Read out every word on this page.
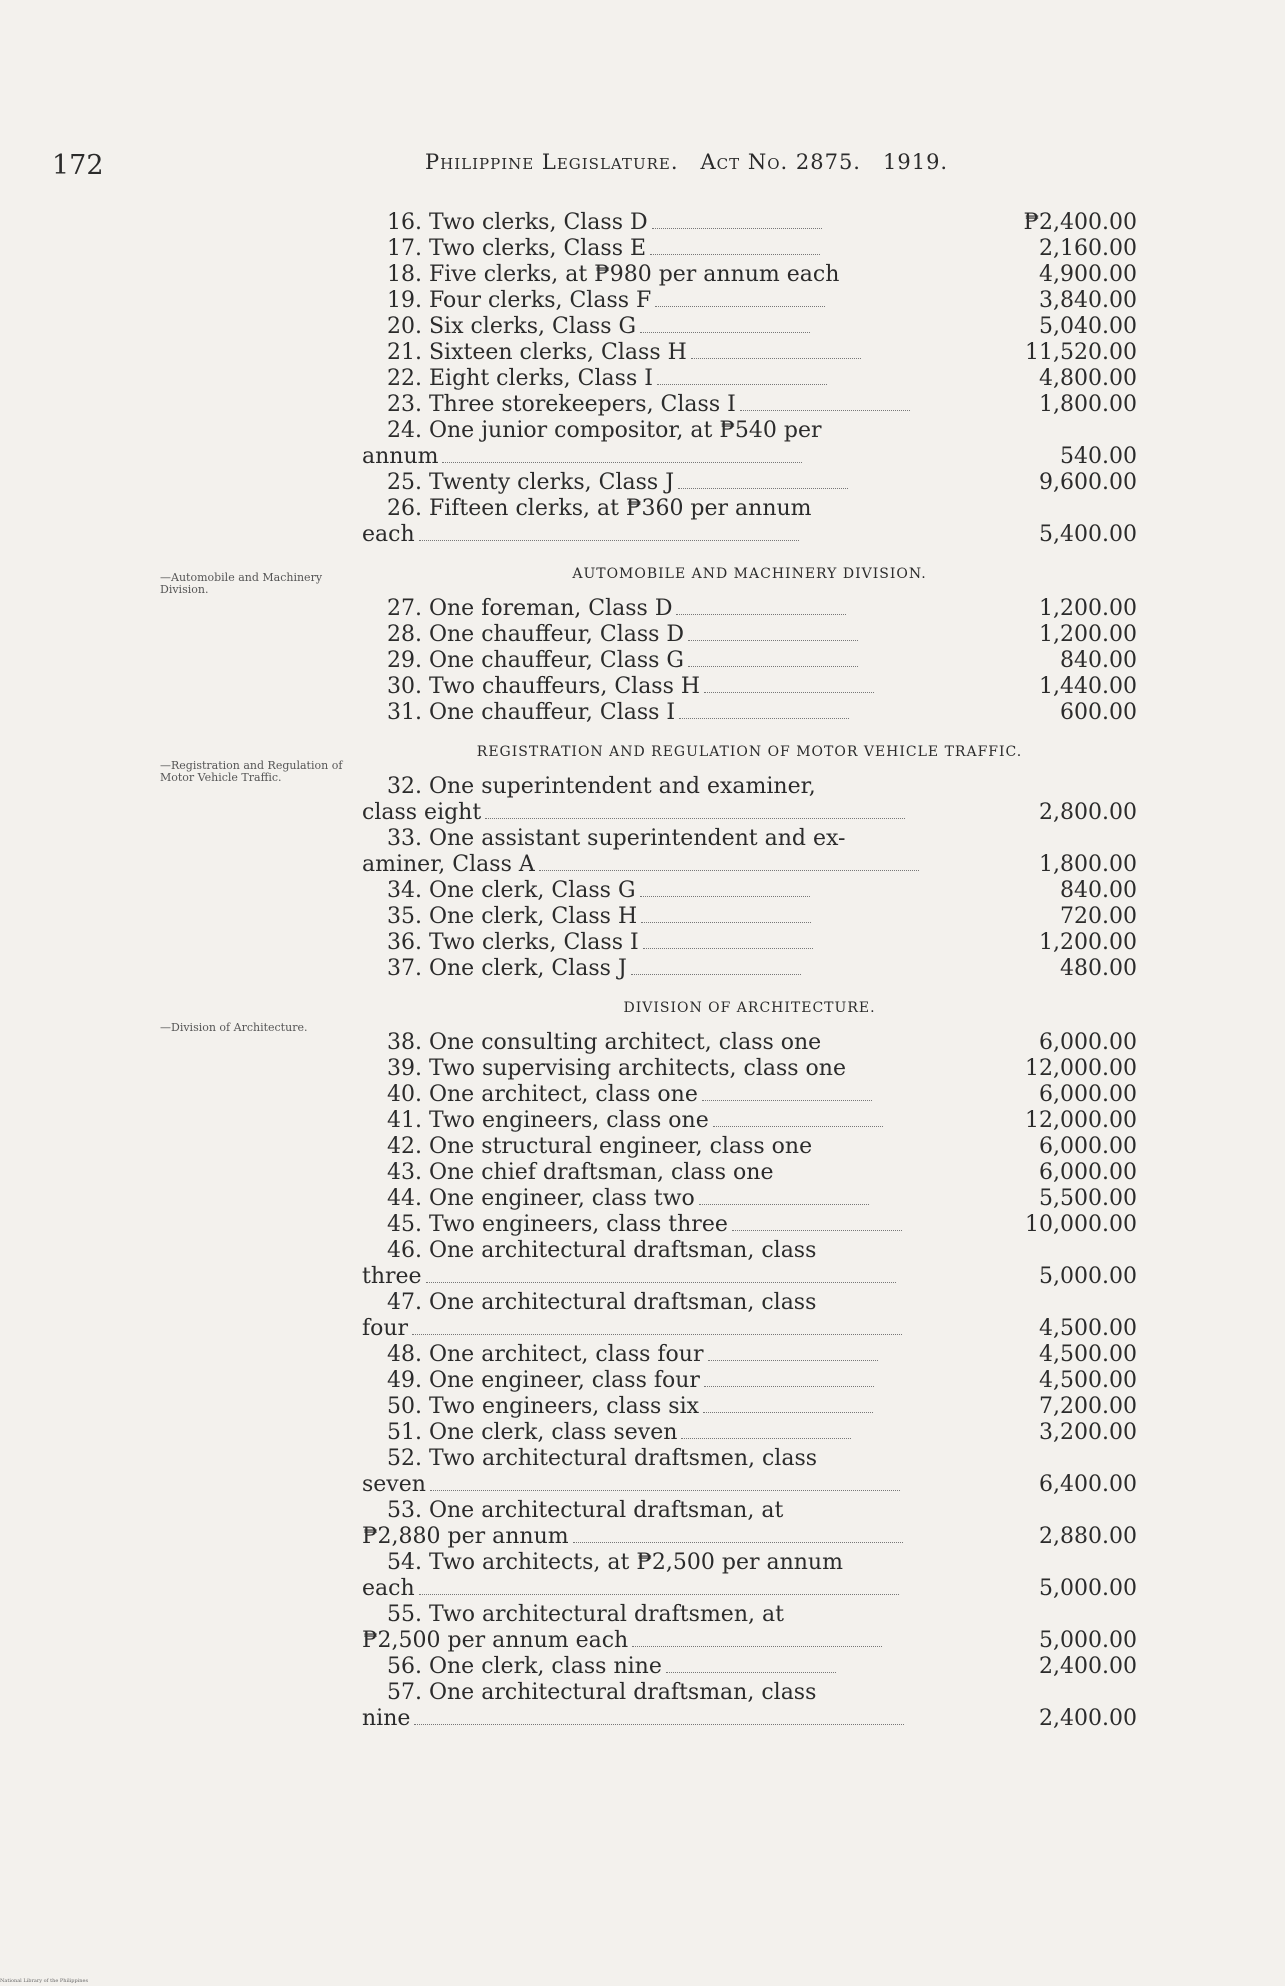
172	Philippine Legislature. Act No. 2875. 1919.
—Automobile and Machinery Division.
—Registration and Regulation of Motor Vehicle Traffic.
—Division of Architecture.
16. Two clerks, Class D	₱2,400.00
17. Two clerks, Class E	2,160.00
18. Five clerks, at ₱980 per annum each	4,900.00
19. Four clerks, Class F	3,840.00
20. Six clerks, Class G	5,040.00
21. Sixteen clerks, Class H	11,520.00
22. Eight clerks, Class I	4,800.00
23. Three storekeepers, Class I	1,800.00
24. One junior compositor, at ₱540 per
annum	540.00
25. Twenty clerks, Class J	9,600.00
26. Fifteen clerks, at ₱360 per annum
each	5,400.00
AUTOMOBILE AND MACHINERY DIVISION.
27. One foreman, Class D	1,200.00
28. One chauffeur, Class D	1,200.00
29. One chauffeur, Class G	840.00
30. Two chauffeurs, Class H	1,440.00
31. One chauffeur, Class I	600.00
REGISTRATION AND REGULATION OF MOTOR VEHICLE TRAFFIC.
32. One superintendent and examiner,
class eight	2,800.00
33. One assistant superintendent and ex-
aminer, Class A	1,800.00
34. One clerk, Class G	840.00
35. One clerk, Class H	720.00
36. Two clerks, Class I	1,200.00
37. One clerk, Class J	480.00
DIVISION OF ARCHITECTURE.
38. One consulting architect, class one	6,000.00
39. Two supervising architects, class one	12,000.00
40. One architect, class one	6,000.00
41. Two engineers, class one	12,000.00
42. One structural engineer, class one	6,000.00
43. One chief draftsman, class one	6,000.00
44. One engineer, class two	5,500.00
45. Two engineers, class three	10,000.00
46. One architectural draftsman, class
three	5,000.00
47. One architectural draftsman, class
four	4,500.00
48. One architect, class four	4,500.00
49. One engineer, class four	4,500.00
50. Two engineers, class six	7,200.00
51. One clerk, class seven	3,200.00
52. Two architectural draftsmen, class
seven	6,400.00
53. One architectural draftsman, at
₱2,880 per annum	2,880.00
54. Two architects, at ₱2,500 per annum
each	5,000.00
55. Two architectural draftsmen, at
₱2,500 per annum each	5,000.00
56. One clerk, class nine	2,400.00
57. One architectural draftsman, class
nine	2,400.00
National Library of the Philippines
